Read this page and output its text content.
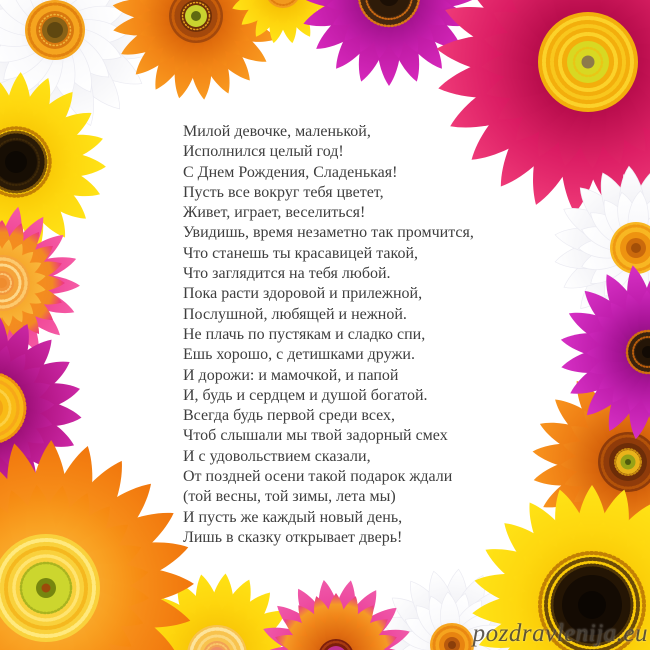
Милой девочке, маленькой,
Исполнился целый год!
С Днем Рождения, Сладенькая!
Пусть все вокруг тебя цветет,
Живет, играет, веселиться!
Увидишь, время незаметно так промчится,
Что станешь ты красавицей такой,
Что заглядится на тебя любой.
Пока расти здоровой и прилежной,
Послушной, любящей и нежной.
Не плачь по пустякам и сладко спи,
Ешь хорошо, с детишками дружи.
И дорожи: и мамочкой, и папой
И, будь и сердцем и душой богатой.
Всегда будь первой среди всех,
Чтоб слышали мы твой задорный смех
И с удовольствием сказали,
От поздней осени такой подарок ждали
(той весны, той зимы, лета мы)
И пусть же каждый новый день,
Лишь в сказку открывает дверь!
pozdravlenija.eu
